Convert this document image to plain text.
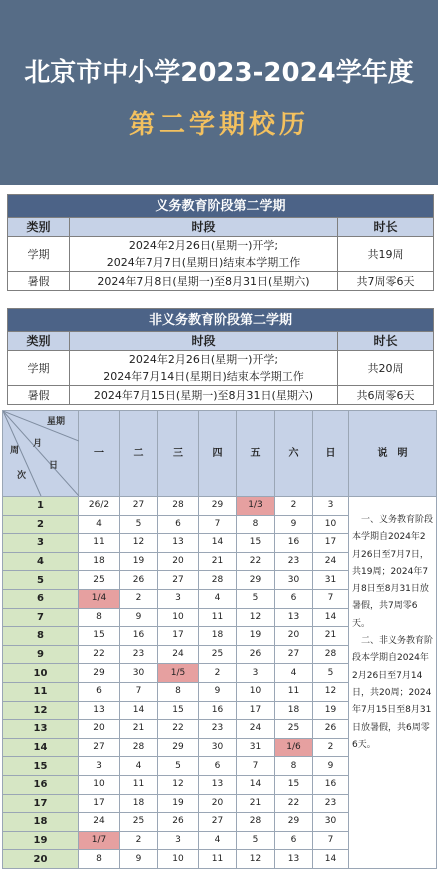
北京市中小学2023-2024学年度
第二学期校历
义务教育阶段第二学期		
类别	时段	时长
学期	2024年2月26日(星期一)开学;
2024年7月7日(星期日)结束本学期工作	共19周
暑假	2024年7月8日(星期一)至8月31日(星期六)	共7周零6天
非义务教育阶段第二学期		
类别	时段	时长
学期	2024年2月26日(星期一)开学;
2024年7月14日(星期日)结束本学期工作	共20周
暑假	2024年7月15日(星期一)至8月31日(星期六)	共6周零6天
星期
月
日
周
次	一	二	三	四	五	六	日	说　明
1	26/2	27	28	29	1/3	2	3	　一、义务教育阶段本学期自2024年2月26日至7月7日，共19周；2024年7月8日至8月31日放暑假，共7周零6天。
　二、非义务教育阶段本学期自2024年2月26日至7月14日，共20周；2024年7月15日至8月31日放暑假，共6周零6天。

2	4	5	6	7	8	9	10	
3	11	12	13	14	15	16	17	
4	18	19	20	21	22	23	24	
5	25	26	27	28	29	30	31	
6	1/4	2	3	4	5	6	7	
7	8	9	10	11	12	13	14	
8	15	16	17	18	19	20	21	
9	22	23	24	25	26	27	28	
10	29	30	1/5	2	3	4	5	
11	6	7	8	9	10	11	12	
12	13	14	15	16	17	18	19	
13	20	21	22	23	24	25	26	
14	27	28	29	30	31	1/6	2	
15	3	4	5	6	7	8	9	
16	10	11	12	13	14	15	16	
17	17	18	19	20	21	22	23	
18	24	25	26	27	28	29	30	
19	1/7	2	3	4	5	6	7	
20	8	9	10	11	12	13	14	
